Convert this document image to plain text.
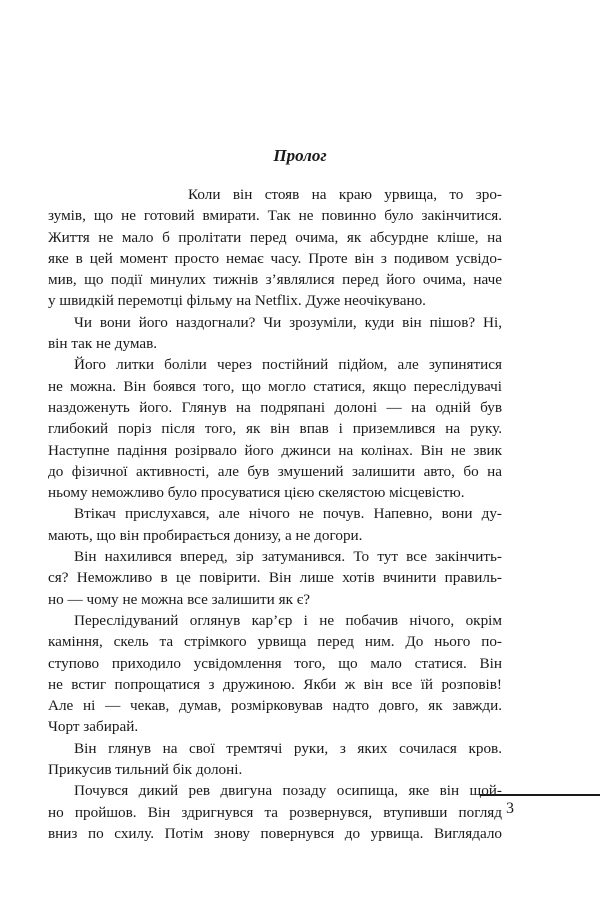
Пролог
Коли він стояв на краю урвища, то зро-
зумів, що не готовий вмирати. Так не повинно було закінчитися.
Життя не мало б пролітати перед очима, як абсурдне кліше, на
яке в цей момент просто немає часу. Проте він з подивом усвідо-
мив, що події минулих тижнів з’являлися перед його очима, наче
у швидкій перемотці фільму на Netflix. Дуже неочікувано.
Чи вони його наздогнали? Чи зрозуміли, куди він пішов? Ні,
він так не думав.
Його литки боліли через постійний підйом, але зупинятися
не можна. Він боявся того, що могло статися, якщо переслідувачі
наздоженуть його. Глянув на подряпані долоні — на одній був
глибокий поріз після того, як він впав і приземлився на руку.
Наступне падіння розірвало його джинси на колінах. Він не звик
до фізичної активності, але був змушений залишити авто, бо на
ньому неможливо було просуватися цією скелястою місцевістю.
Втікач прислухався, але нічого не почув. Напевно, вони ду-
мають, що він пробирається донизу, а не догори.
Він нахилився вперед, зір затуманився. То тут все закінчить-
ся? Неможливо в це повірити. Він лише хотів вчинити правиль-
но — чому не можна все залишити як є?
Переслідуваний оглянув кар’єр і не побачив нічого, окрім
каміння, скель та стрімкого урвища перед ним. До нього по-
ступово приходило усвідомлення того, що мало статися. Він
не встиг попрощатися з дружиною. Якби ж він все їй розповів!
Але ні — чекав, думав, розмірковував надто довго, як завжди.
Чорт забирай.
Він глянув на свої тремтячі руки, з яких сочилася кров.
Прикусив тильний бік долоні.
Почувся дикий рев двигуна позаду осипища, яке він щой-
но пройшов. Він здригнувся та розвернувся, втупивши погляд
вниз по схилу. Потім знову повернувся до урвища. Виглядало
3
